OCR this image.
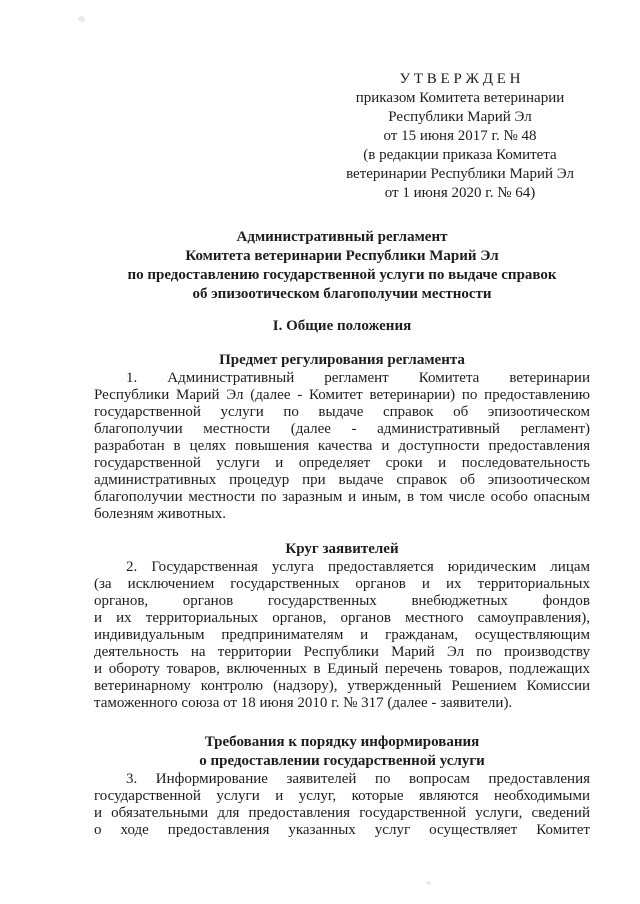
У Т В Е Р Ж Д Е Н
приказом Комитета ветеринарии
Республики Марий Эл
от 15 июня 2017 г. № 48
(в редакции приказа Комитета
ветеринарии Республики Марий Эл
от 1 июня 2020 г. № 64)
Административный регламент
Комитета ветеринарии Республики Марий Эл
по предоставлению государственной услуги по выдаче справок
об эпизоотическом благополучии местности
I. Общие положения
Предмет регулирования регламента
1. Административный регламент Комитета ветеринарии
Республики Марий Эл (далее - Комитет ветеринарии) по предоставлению
государственной услуги по выдаче справок об эпизоотическом
благополучии местности (далее - административный регламент)
разработан в целях повышения качества и доступности предоставления
государственной услуги и определяет сроки и последовательность
административных процедур при выдаче справок об эпизоотическом
благополучии местности по заразным и иным, в том числе особо опасным
болезням животных.
Круг заявителей
2. Государственная услуга предоставляется юридическим лицам
(за исключением государственных органов и их территориальных
органов, органов государственных внебюджетных фондов
и их территориальных органов, органов местного самоуправления),
индивидуальным предпринимателям и гражданам, осуществляющим
деятельность на территории Республики Марий Эл по производству
и обороту товаров, включенных в Единый перечень товаров, подлежащих
ветеринарному контролю (надзору), утвержденный Решением Комиссии
таможенного союза от 18 июня 2010 г. № 317 (далее - заявители).
Требования к порядку информирования
о предоставлении государственной услуги
3. Информирование заявителей по вопросам предоставления
государственной услуги и услуг, которые являются необходимыми
и обязательными для предоставления государственной услуги, сведений
о ходе предоставления указанных услуг осуществляет Комитет
